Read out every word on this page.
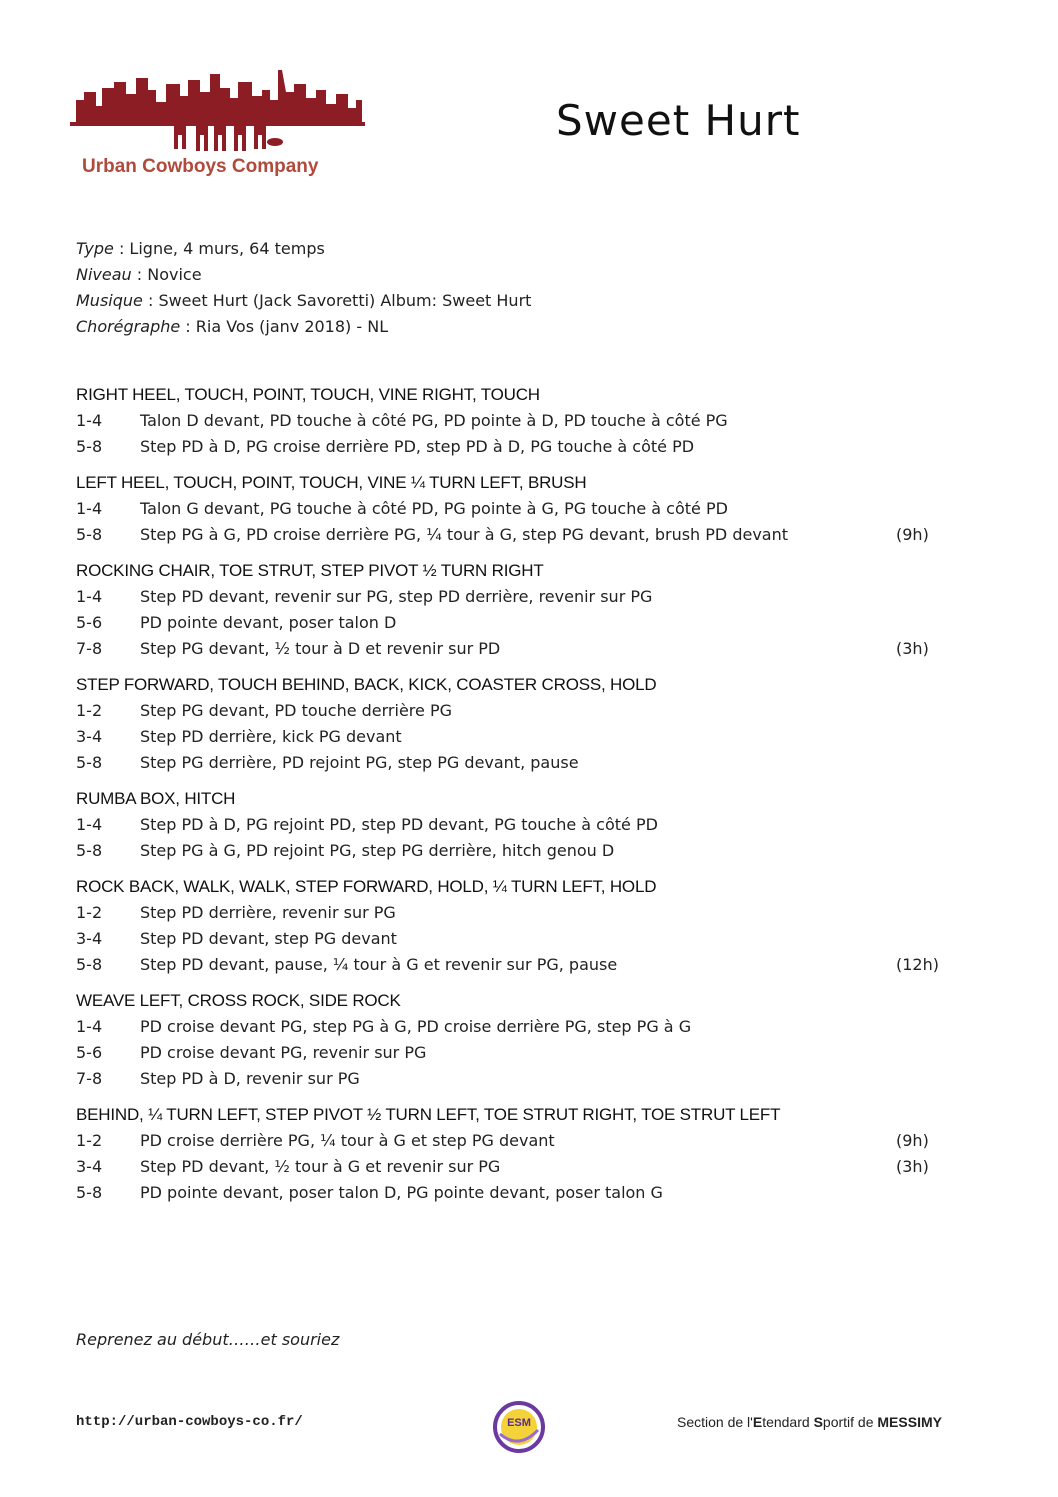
Urban Cowboys Company
Sweet Hurt
Type : Ligne, 4 murs, 64 temps
Niveau : Novice
Musique : Sweet Hurt (Jack Savoretti) Album: Sweet Hurt
Chorégraphe : Ria Vos (janv 2018) - NL
RIGHT HEEL, TOUCH, POINT, TOUCH, VINE RIGHT, TOUCH
1-4	Talon D devant, PD touche à côté PG, PD pointe à D, PD touche à côté PG
5-8	Step PD à D, PG croise derrière PD, step PD à D, PG touche à côté PD
LEFT HEEL, TOUCH, POINT, TOUCH, VINE ¼ TURN LEFT, BRUSH
1-4	Talon G devant, PG touche à côté PD, PG pointe à G, PG touche à côté PD
5-8	Step PG à G, PD croise derrière PG, ¼ tour à G, step PG devant, brush PD devant	(9h)
ROCKING CHAIR, TOE STRUT, STEP PIVOT ½ TURN RIGHT
1-4	Step PD devant, revenir sur PG, step PD derrière, revenir sur PG
5-6	PD pointe devant, poser talon D
7-8	Step PG devant, ½ tour à D et revenir sur PD	(3h)
STEP FORWARD, TOUCH BEHIND, BACK, KICK, COASTER CROSS, HOLD
1-2	Step PG devant, PD touche derrière PG
3-4	Step PD derrière, kick PG devant
5-8	Step PG derrière, PD rejoint PG, step PG devant, pause
RUMBA BOX, HITCH
1-4	Step PD à D, PG rejoint PD, step PD devant, PG touche à côté PD
5-8	Step PG à G, PD rejoint PG, step PG derrière, hitch genou D
ROCK BACK, WALK, WALK, STEP FORWARD, HOLD, ¼ TURN LEFT, HOLD
1-2	Step PD derrière, revenir sur PG
3-4	Step PD devant, step PG devant
5-8	Step PD devant, pause, ¼ tour à G et revenir sur PG, pause	(12h)
WEAVE LEFT, CROSS ROCK, SIDE ROCK
1-4	PD croise devant PG, step PG à G, PD croise derrière PG, step PG à G
5-6	PD croise devant PG, revenir sur PG
7-8	Step PD à D, revenir sur PG
BEHIND, ¼ TURN LEFT, STEP PIVOT ½ TURN LEFT, TOE STRUT RIGHT, TOE STRUT LEFT
1-2	PD croise derrière PG, ¼ tour à G et step PG devant	(9h)
3-4	Step PD devant, ½ tour à G et revenir sur PG	(3h)
5-8	PD pointe devant, poser talon D, PG pointe devant, poser talon G
Reprenez au début……et souriez
http://urban-cowboys-co.fr/	ESM	Section de l'Etendard Sportif de MESSIMY
